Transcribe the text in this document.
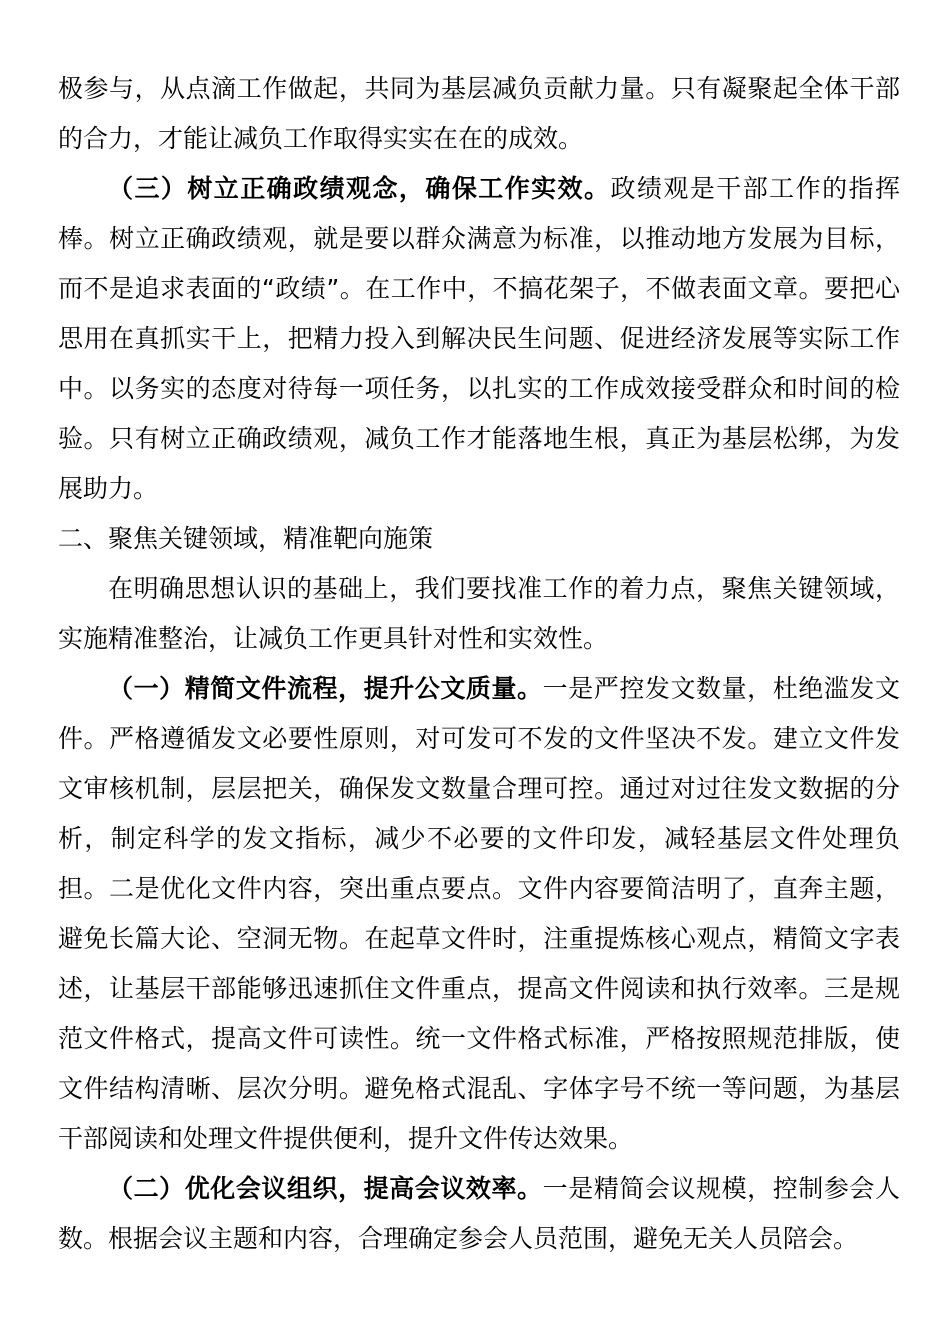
极参与，从点滴工作做起，共同为基层减负贡献力量。只有凝聚起全体干部的合力，才能让减负工作取得实实在在的成效。

（三）树立正确政绩观念，确保工作实效。政绩观是干部工作的指挥棒。树立正确政绩观，就是要以群众满意为标准，以推动地方发展为目标，而不是追求表面的“政绩”。在工作中，不搞花架子，不做表面文章。要把心思用在真抓实干上，把精力投入到解决民生问题、促进经济发展等实际工作中。以务实的态度对待每一项任务，以扎实的工作成效接受群众和时间的检验。只有树立正确政绩观，减负工作才能落地生根，真正为基层松绑，为发展助力。

二、聚焦关键领域，精准靶向施策

在明确思想认识的基础上，我们要找准工作的着力点，聚焦关键领域，实施精准整治，让减负工作更具针对性和实效性。

（一）精简文件流程，提升公文质量。一是严控发文数量，杜绝滥发文件。严格遵循发文必要性原则，对可发可不发的文件坚决不发。建立文件发文审核机制，层层把关，确保发文数量合理可控。通过对过往发文数据的分析，制定科学的发文指标，减少不必要的文件印发，减轻基层文件处理负担。二是优化文件内容，突出重点要点。文件内容要简洁明了，直奔主题，避免长篇大论、空洞无物。在起草文件时，注重提炼核心观点，精简文字表述，让基层干部能够迅速抓住文件重点，提高文件阅读和执行效率。三是规范文件格式，提高文件可读性。统一文件格式标准，严格按照规范排版，使文件结构清晰、层次分明。避免格式混乱、字体字号不统一等问题，为基层干部阅读和处理文件提供便利，提升文件传达效果。

（二）优化会议组织，提高会议效率。一是精简会议规模，控制参会人数。根据会议主题和内容，合理确定参会人员范围，避免无关人员陪会。
